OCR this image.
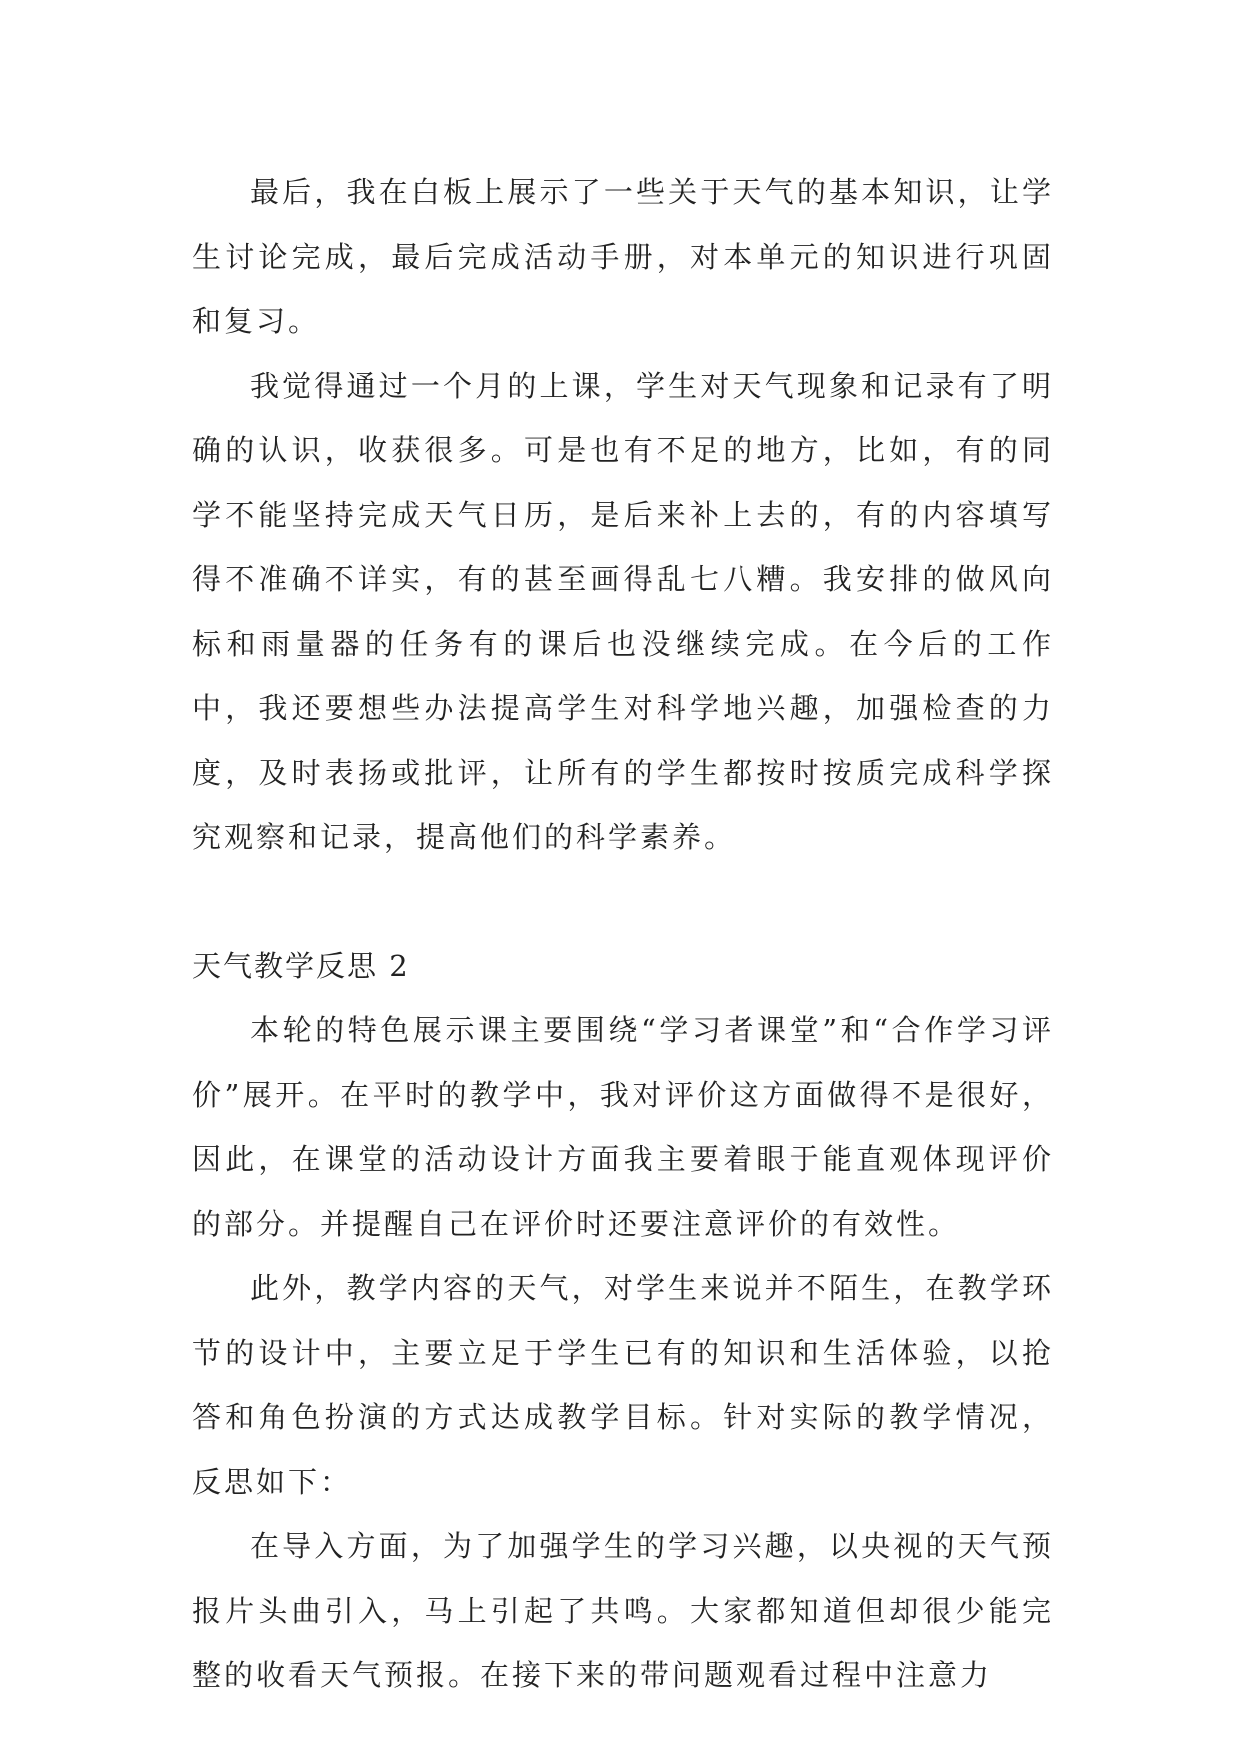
最后，我在白板上展示了一些关于天气的基本知识，让学生讨论完成，最后完成活动手册，对本单元的知识进行巩固和复习。

我觉得通过一个月的上课，学生对天气现象和记录有了明确的认识，收获很多。可是也有不足的地方，比如，有的同学不能坚持完成天气日历，是后来补上去的，有的内容填写得不准确不详实，有的甚至画得乱七八糟。我安排的做风向标和雨量器的任务有的课后也没继续完成。在今后的工作中，我还要想些办法提高学生对科学地兴趣，加强检查的力度，及时表扬或批评，让所有的学生都按时按质完成科学探究观察和记录，提高他们的科学素养。

天气教学反思 2

本轮的特色展示课主要围绕“学习者课堂”和“合作学习评价”展开。在平时的教学中，我对评价这方面做得不是很好，因此，在课堂的活动设计方面我主要着眼于能直观体现评价的部分。并提醒自己在评价时还要注意评价的有效性。

此外，教学内容的天气，对学生来说并不陌生，在教学环节的设计中，主要立足于学生已有的知识和生活体验，以抢答和角色扮演的方式达成教学目标。针对实际的教学情况，反思如下：

在导入方面，为了加强学生的学习兴趣，以央视的天气预报片头曲引入，马上引起了共鸣。大家都知道但却很少能完整的收看天气预报。在接下来的带问题观看过程中注意力
